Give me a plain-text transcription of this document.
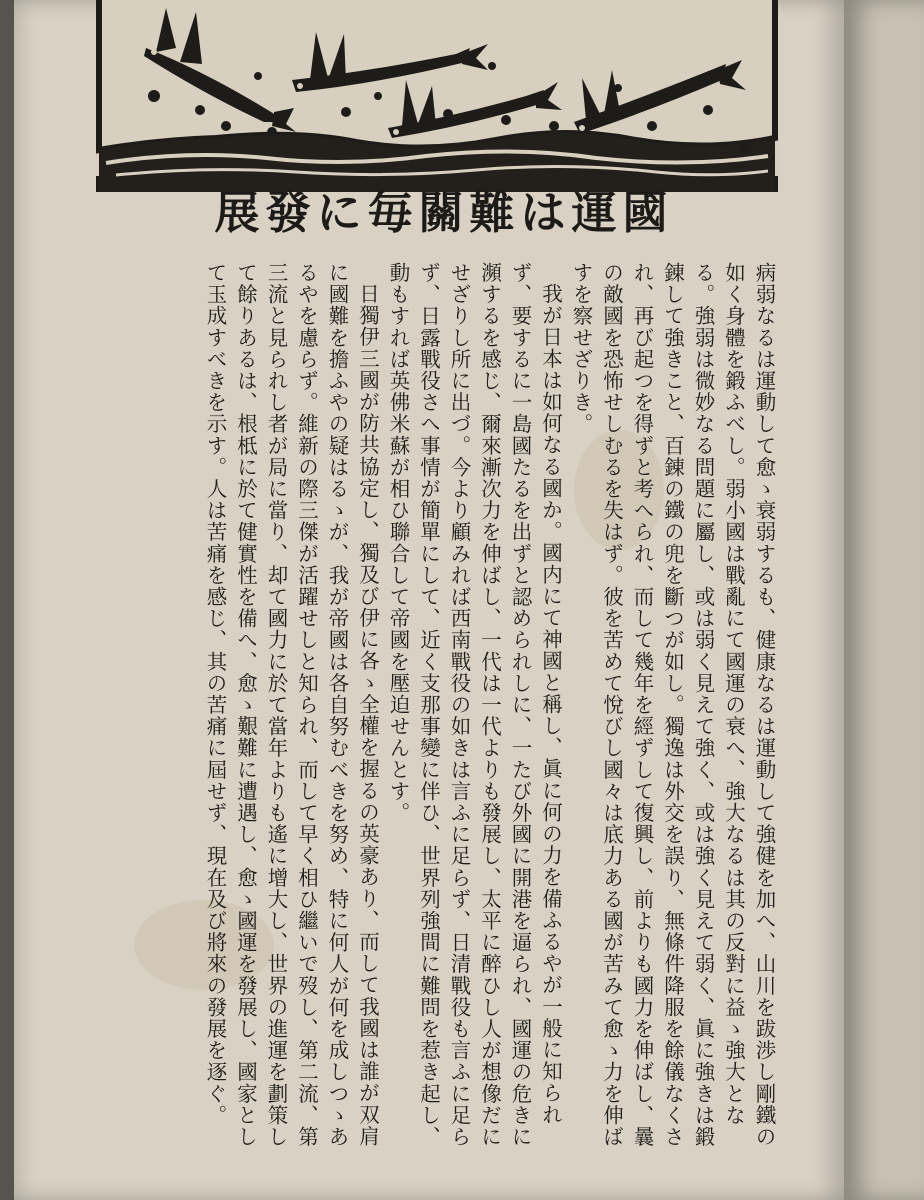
國運は難關毎に發展

病弱なるは運動して愈ゝ衰弱するも、健康なるは運動して強健を加へ、山川を跋渉し剛鐵の如く身體を鍛ふべし。弱小國は戰亂にて國運の衰へ、強大なるは其の反對に益ゝ強大となる。強弱は微妙なる問題に屬し、或は弱く見えて強く、或は強く見えて弱く、眞に強きは鍛錬して強きこと、百錬の鐵の兜を斷つが如し。獨逸は外交を誤り、無條件降服を餘儀なくされ、再び起つを得ずと考へられ、而して幾年を經ずして復興し、前よりも國力を伸ばし、曩の敵國を恐怖せしむるを失はず。彼を苦めて悅びし國々は底力ある國が苦みて愈ゝ力を伸ばすを察せざりき。

我が日本は如何なる國か。國内にて神國と稱し、眞に何の力を備ふるやが一般に知られず、要するに一島國たるを出ずと認められしに、一たび外國に開港を逼られ、國運の危きに瀕するを感じ、爾來漸次力を伸ばし、一代は一代よりも發展し、太平に醉ひし人が想像だにせざりし所に出づ。今より顧みれば西南戰役の如きは言ふに足らず、日清戰役も言ふに足らず、日露戰役さへ事情が簡單にして、近く支那事變に伴ひ、世界列強間に難問を惹き起し、動もすれば英佛米蘇が相ひ聯合して帝國を壓迫せんとす。

日獨伊三國が防共協定し、獨及び伊に各ゝ全權を握るの英豪あり、而して我國は誰が双肩に國難を擔ふやの疑はるゝが、我が帝國は各自努むべきを努め、特に何人が何を成しつゝあるやを慮らず。維新の際三傑が活躍せしと知られ、而して早く相ひ繼いで歿し、第二流、第三流と見られし者が局に當り、却て國力に於て當年よりも遙に增大し、世界の進運を劃策して餘りあるは、根柢に於て健實性を備へ、愈ゝ艱難に遭遇し、愈ゝ國運を發展し、國家として玉成すべきを示す。人は苦痛を感じ、其の苦痛に屆せず、現在及び將來の發展を逐ぐ。
